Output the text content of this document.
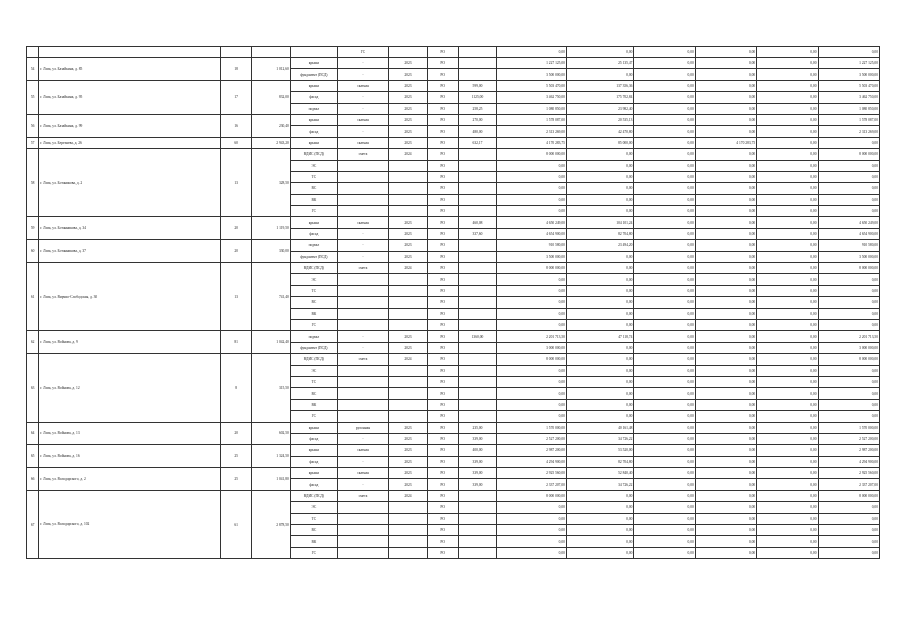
					ГС		РО		0,00	0,00	0,00	0,00	0,00	0,00
54	г. Лиза, ул. Базайкина, д. 85	18	1 012,60	крыша	-	2023	РО		1 227 125,00	25 135,47	0,00	0,00	0,00	1 227 125,00
				фундамент (ПСД)	-	2023	РО		3 500 000,00	0,00	0,00	0,00	0,00	3 500 000,00
55	г. Лиза, ул. Базайкина, д. 95	17	832,00	крыша	скатная	2023	РО	599,00	5 503 470,00	137 356,36	0,00	0,00	0,00	5 503 470,00
				фасад	-	2023	РО	1125,00	3 462 750,00	175 702,84	0,00	0,00	0,00	3 462 750,00
				подвал	-	2023	РО	258,25	1 080 850,00	23 982,40	0,00	0,00	0,00	1 080 850,00
56	г. Лиза, ул. Базайкина, д. 99	16	230,40	крыша	скатная	2023	РО	270,00	1 578 087,00	20 535,13	0,00	0,00	0,00	1 578 087,00
				фасад	-	2023	РО	480,00	2 313 269,00	42 470,80	0,00	0,00	0,00	2 313 269,00
57	г. Лиза, ул. Березнева, д. 26	60	2 943,20	крыша	скатная	2023	РО	632,17	4 170 283,75	85 000,00	0,00	4 170 283,75	0,00	0,00
58	г. Лиза, ул. Ботаникова, д. 2	13	328,50	ВДИС (ПСД)	смета	2024	РО		8 000 000,00	0,00	0,00	0,00	0,00	8 000 000,00
				ЭС			РО		0,00	0,00	0,00	0,00	0,00	0,00
				ТС			РО		0,00	0,00	0,00	0,00	0,00	0,00
				ВС			РО		0,00	0,00	0,00	0,00	0,00	0,00
				ВК			РО		0,00	0,00	0,00	0,00	0,00	0,00
				ГС			РО		0,00	0,00	0,00	0,00	0,00	0,00
59	г. Лиза, ул. Ботанникова, д. 34	20	1 119,50	крыша	скатная	2023	РО	460,08	4 650 249,00	104 101,24	0,00	0,00	0,00	4 650 249,00
				фасад	-	2023	РО	337,60	4 654 900,00	82 704,80	0,00	0,00	0,00	4 654 900,00
60	г. Лиза, ул. Ботанникова, д. 37	20	330,00	подвал	-	2023	РО		910 580,00	23 494,20	0,00	0,00	0,00	910 580,00
				фундамент (ПСД)	-	2023	РО		3 500 000,00	0,00	0,00	0,00	0,00	3 500 000,00
61	г. Лиза, ул. Вирчио-Слободская, д. 30	13	741,40	ВДИС (ПСД)	смета	2024	РО		8 000 000,00	0,00	0,00	0,00	0,00	8 000 000,00
				ЭС			РО		0,00	0,00	0,00	0,00	0,00	0,00
				ТС			РО		0,00	0,00	0,00	0,00	0,00	0,00
				ВС			РО		0,00	0,00	0,00	0,00	0,00	0,00
				ВК			РО		0,00	0,00	0,00	0,00	0,00	0,00
				ГС			РО		0,00	0,00	0,00	0,00	0,00	0,00
62	г. Лиза, ул. Войнова, д. 9	81	1 042,40	подвал	-	2023	РО	1360,00	2 201 713,50	47 118,74	0,00	0,00	0,00	2 201 713,50
				фундамент (ПСД)	-	2023	РО		3 000 000,00	0,00	0,00	0,00	0,00	3 000 000,00
63	г. Лиза, ул. Войнова, д. 12	8	315,50	ВДИС (ПСД)	смета	2024	РО		8 000 000,00	0,00	0,00	0,00	0,00	8 000 000,00
				ЭС			РО		0,00	0,00	0,00	0,00	0,00	0,00
				ТС			РО		0,00	0,00	0,00	0,00	0,00	0,00
				ВС			РО		0,00	0,00	0,00	0,00	0,00	0,00
				ВК			РО		0,00	0,00	0,00	0,00	0,00	0,00
				ГС			РО		0,00	0,00	0,00	0,00	0,00	0,00
64	г. Лиза, ул. Войнова, д. 13	20	602,50	крыша	рулонная	2023	РО	235,00	1 570 000,00	40 161,48	0,00	0,00	0,00	1 570 000,00
				фасад	-	2023	РО	339,00	2 527 200,00	34 726,22	0,00	0,00	0,00	2 527 200,00
65	г. Лиза, ул. Войнова, д. 16	25	1 324,50	крыша	скатная	2023	РО	400,00	2 987 200,00	53 520,00	0,00	0,00	0,00	2 987 200,00
				фасад	-	2023	РО	339,00	4 294 900,00	82 704,80	0,00	0,00	0,00	4 294 900,00
66	г. Лиза, ул. Володарского, д. 2	25	1 041,80	крыша	скатная	2023	РО	339,00	2 925 560,00	52 840,40	0,00	0,00	0,00	2 925 560,00
				фасад	-	2023	РО	339,00	2 337 207,00	34 726,22	0,00	0,00	0,00	2 337 207,00
67	г. Лиза, ул. Володарского, д. 102	61	2 878,50	ВДИС (ПСД)	смета	2024	РО		8 000 000,00	0,00	0,00	0,00	0,00	8 000 000,00
				ЭС			РО		0,00	0,00	0,00	0,00	0,00	0,00
				ТС			РО		0,00	0,00	0,00	0,00	0,00	0,00
				ВС			РО		0,00	0,00	0,00	0,00	0,00	0,00
				ВК			РО		0,00	0,00	0,00	0,00	0,00	0,00
				ГС			РО		0,00	0,00	0,00	0,00	0,00	0,00
